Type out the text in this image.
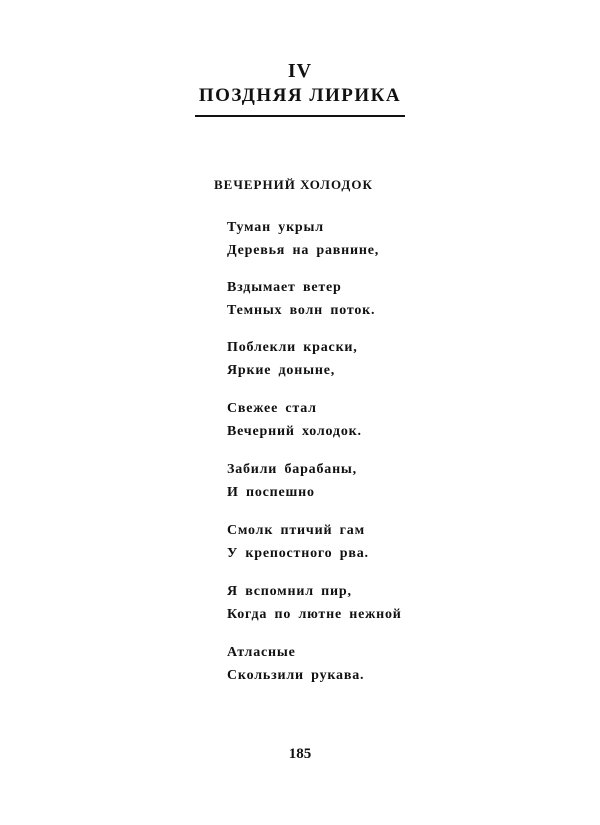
IV
ПОЗДНЯЯ ЛИРИКА
ВЕЧЕРНИЙ ХОЛОДОК
Туман укрыл
Деревья на равнине,
Вздымает ветер
Темных волн поток.
Поблекли краски,
Яркие доныне,
Свежее стал
Вечерний холодок.
Забили барабаны,
И поспешно
Смолк птичий гам
У крепостного рва.
Я вспомнил пир,
Когда по лютне нежной
Атласные
Скользили рукава.
185
